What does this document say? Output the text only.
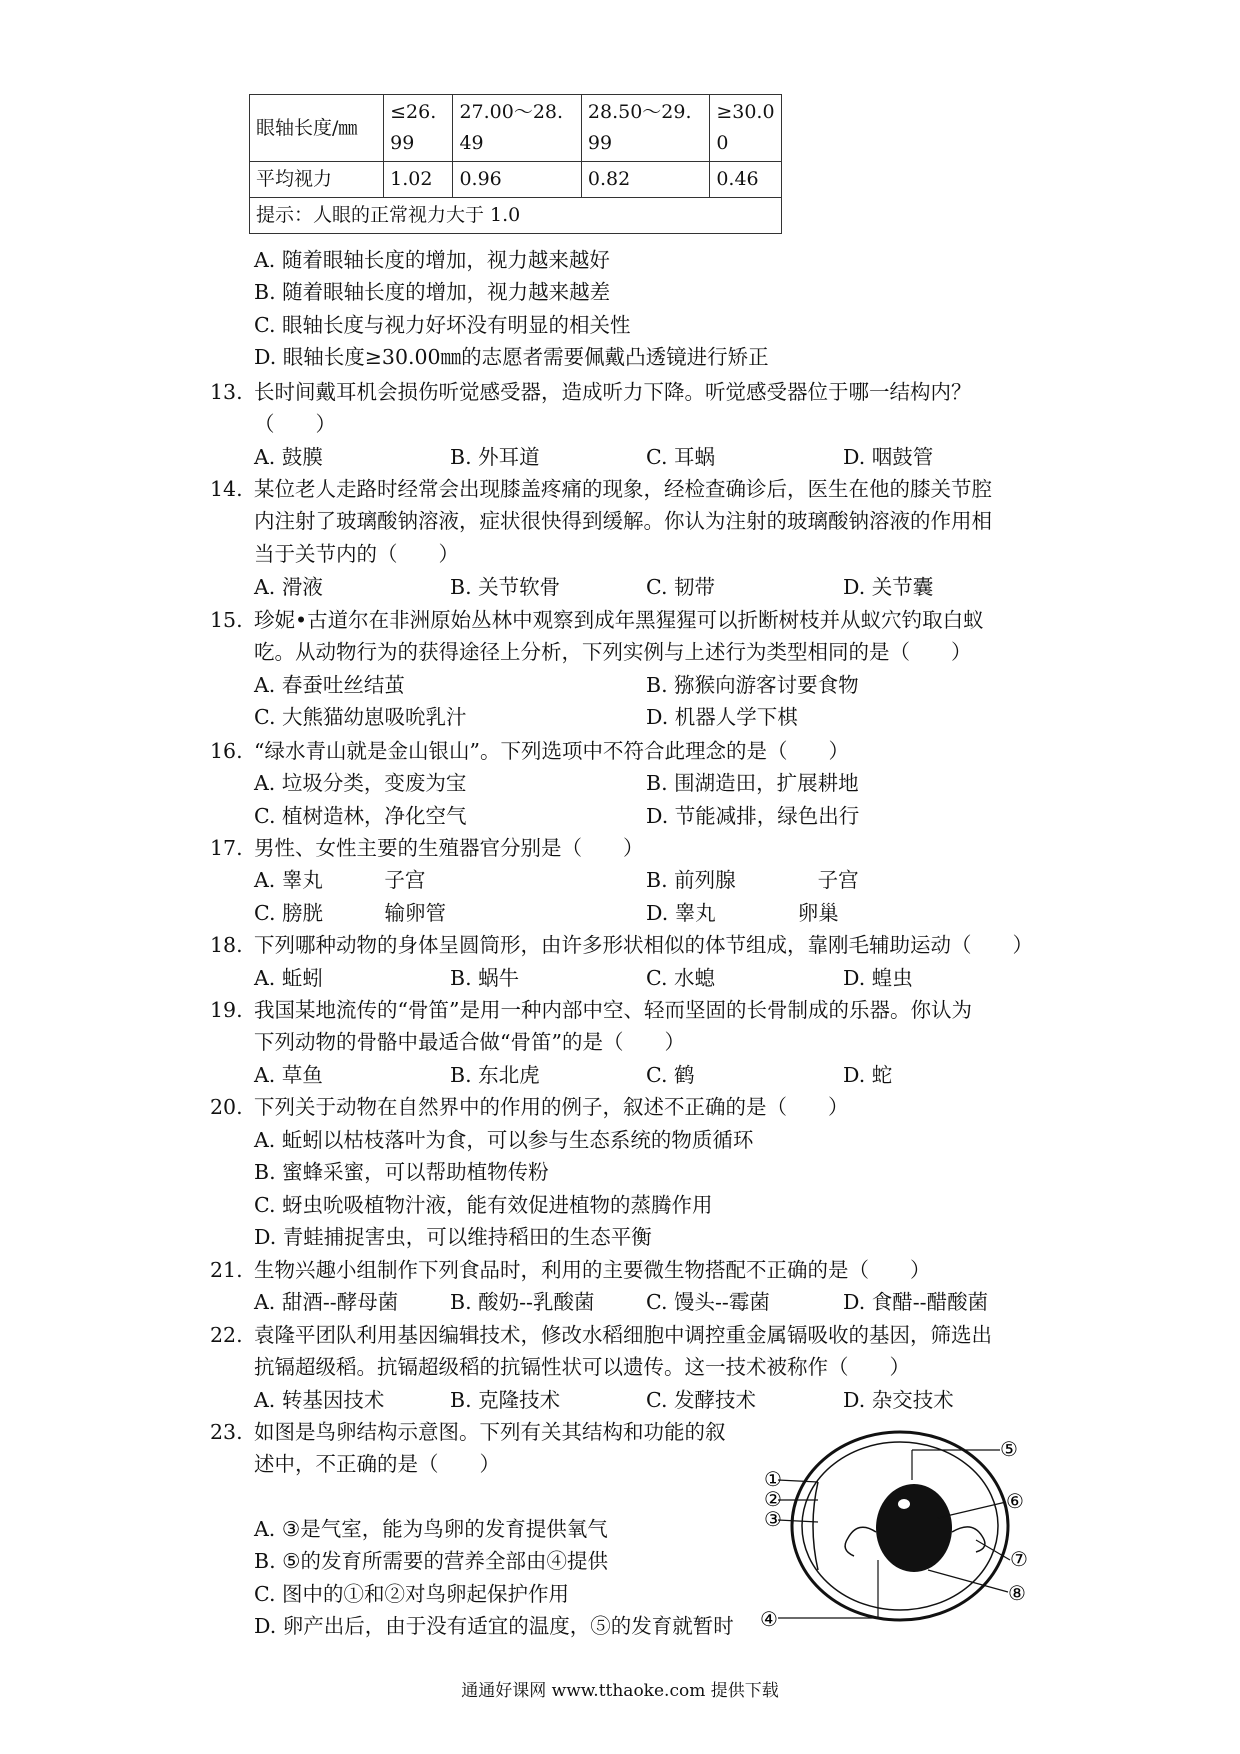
眼轴长度/㎜	≤26.99	27.00～28.49	28.50～29.99	≥30.00
平均视力	1.02	0.96	0.82	0.46
提示：人眼的正常视力大于 1.0				
A. 随着眼轴长度的增加，视力越来越好
B. 随着眼轴长度的增加，视力越来越差
C. 眼轴长度与视力好坏没有明显的相关性
D. 眼轴长度≥30.00㎜的志愿者需要佩戴凸透镜进行矫正
13. 长时间戴耳机会损伤听觉感受器，造成听力下降。听觉感受器位于哪一结构内？
（　　）
A. 鼓膜	B. 外耳道	C. 耳蜗	D. 咽鼓管
14. 某位老人走路时经常会出现膝盖疼痛的现象，经检查确诊后，医生在他的膝关节腔
内注射了玻璃酸钠溶液，症状很快得到缓解。你认为注射的玻璃酸钠溶液的作用相
当于关节内的（　　）
A. 滑液	B. 关节软骨	C. 韧带	D. 关节囊
15. 珍妮•古道尔在非洲原始丛林中观察到成年黑猩猩可以折断树枝并从蚁穴钓取白蚁
吃。从动物行为的获得途径上分析，下列实例与上述行为类型相同的是（　　）
A. 春蚕吐丝结茧	B. 猕猴向游客讨要食物
C. 大熊猫幼崽吸吮乳汁	D. 机器人学下棋
16. “绿水青山就是金山银山”。下列选项中不符合此理念的是（　　）
A. 垃圾分类，变废为宝	B. 围湖造田，扩展耕地
C. 植树造林，净化空气	D. 节能减排，绿色出行
17. 男性、女性主要的生殖器官分别是（　　）
A. 睾丸　　　子宫	B. 前列腺　　　　子宫
C. 膀胱　　　输卵管	D. 睾丸　　　　卵巢
18. 下列哪种动物的身体呈圆筒形，由许多形状相似的体节组成，靠刚毛辅助运动（　　）
A. 蚯蚓	B. 蜗牛	C. 水螅	D. 蝗虫
19. 我国某地流传的“骨笛”是用一种内部中空、轻而坚固的长骨制成的乐器。你认为
下列动物的骨骼中最适合做“骨笛”的是（　　）
A. 草鱼	B. 东北虎	C. 鹤	D. 蛇
20. 下列关于动物在自然界中的作用的例子，叙述不正确的是（　　）
A. 蚯蚓以枯枝落叶为食，可以参与生态系统的物质循环
B. 蜜蜂采蜜，可以帮助植物传粉
C. 蚜虫吮吸植物汁液，能有效促进植物的蒸腾作用
D. 青蛙捕捉害虫，可以维持稻田的生态平衡
21. 生物兴趣小组制作下列食品时，利用的主要微生物搭配不正确的是（　　）
A. 甜酒--酵母菌	B. 酸奶--乳酸菌	C. 馒头--霉菌	D. 食醋--醋酸菌
22. 袁隆平团队利用基因编辑技术，修改水稻细胞中调控重金属镉吸收的基因，筛选出
抗镉超级稻。抗镉超级稻的抗镉性状可以遗传。这一技术被称作（　　）
A. 转基因技术	B. 克隆技术	C. 发酵技术	D. 杂交技术
23. 如图是鸟卵结构示意图。下列有关其结构和功能的叙
述中，不正确的是（　　）
A. ③是气室，能为鸟卵的发育提供氧气
B. ⑤的发育所需要的营养全部由④提供
C. 图中的①和②对鸟卵起保护作用
D. 卵产出后，由于没有适宜的温度，⑤的发育就暂时
①
②
③
④
⑤
⑥
⑦
⑧
通通好课网 www.tthaoke.com 提供下载
